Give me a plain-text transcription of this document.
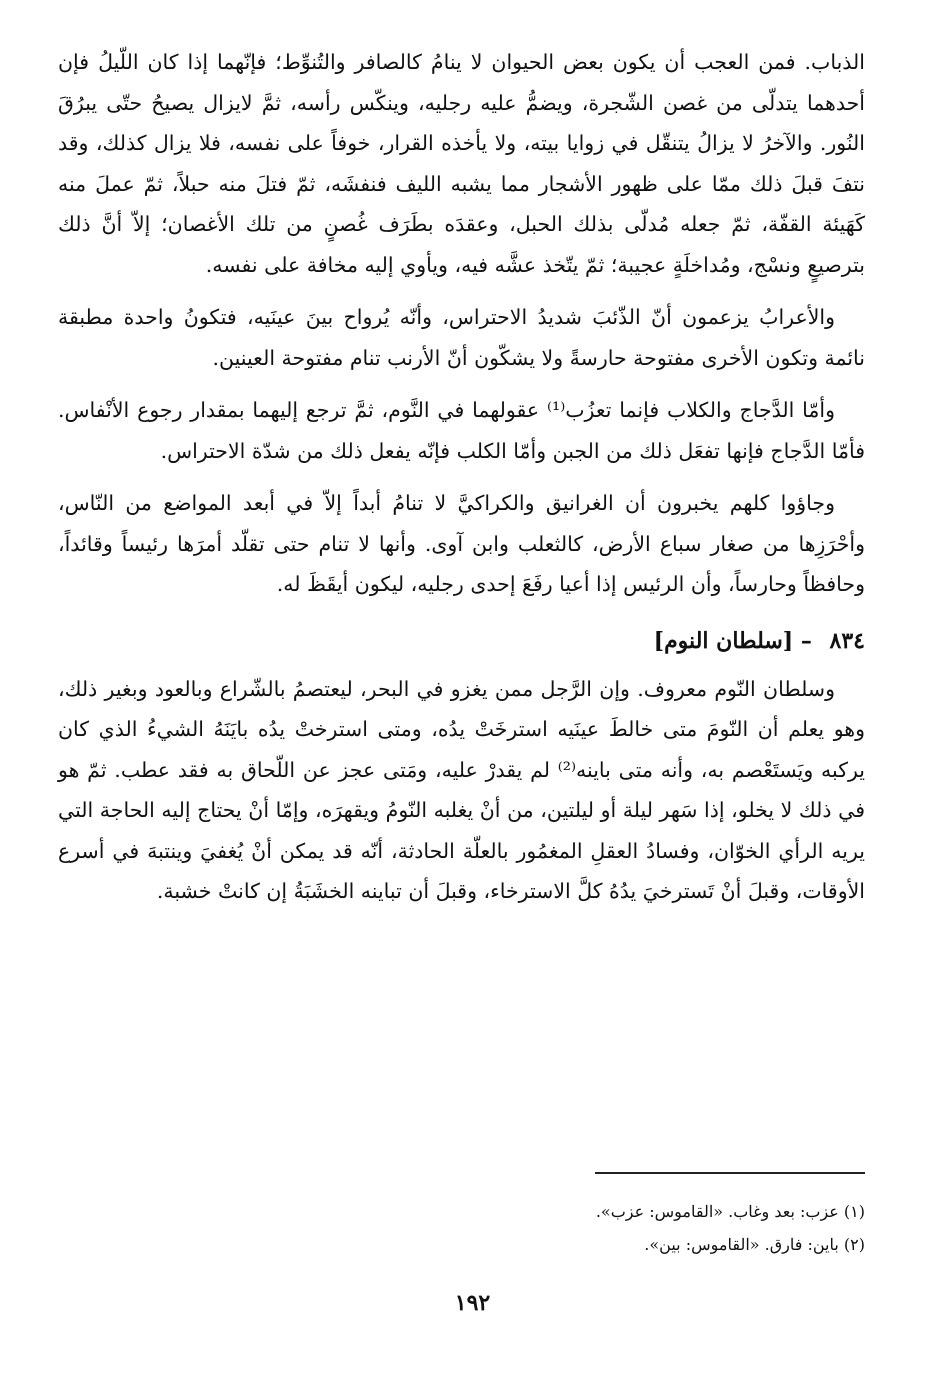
الذباب. فمن العجب أن يكون بعض الحيوان لا ينامُ كالصافر والتُنوِّط؛ فإنّهما إذا كان اللّيلُ فإن أحدهما يتدلّى من غصن الشّجرة، ويضمُّ عليه رجليه، وينكّس رأسه، ثمَّ لايزال يصيحُ حتّى يبرُقَ النُور. والآخرُ لا يزالُ يتنقّل في زوايا بيته، ولا يأخذه القرار، خوفاً على نفسه، فلا يزال كذلك، وقد نتفَ قبلَ ذلك ممّا على ظهور الأشجار مما يشبه الليف فنفشَه، ثمّ فتلَ منه حبلاً، ثمّ عملَ منه كَهَيئة القفّة، ثمّ جعله مُدلّى بذلك الحبل، وعقدَه بطَرَف غُصنٍ من تلك الأغصان؛ إلاّ أنَّ ذلك بترصيعٍ ونسْج، ومُداخلَةٍ عجيبة؛ ثمّ يتّخذ عشَّه فيه، ويأوي إليه مخافة على نفسه.

والأعرابُ يزعمون أنّ الذّئبَ شديدُ الاحتراس، وأنّه يُرواح بينَ عينَيه، فتكونُ واحدة مطبقة نائمة وتكون الأخرى مفتوحة حارسةً ولا يشكّون أنّ الأرنب تنام مفتوحة العينين.

وأمّا الدَّجاج والكلاب فإنما تعزُب⁽¹⁾ عقولهما في النَّوم، ثمَّ ترجع إليهما بمقدار رجوع الأنْفاس. فأمّا الدَّجاج فإنها تفعَل ذلك من الجبن وأمّا الكلب فإنّه يفعل ذلك من شدّة الاحتراس.

وجاؤوا كلهم يخبرون أن الغرانيق والكراكيَّ لا تنامُ أبداً إلاّ في أبعد المواضع من النّاس، وأحْرَزِها من صغار سباع الأرض، كالثعلب وابن آوى. وأنها لا تنام حتى تقلّد أمرَها رئيساً وقائداً، وحافظاً وحارساً، وأن الرئيس إذا أعيا رفَعَ إحدى رجليه، ليكون أيقَظَ له.

٨٣٤ – [سلطان النوم]

وسلطان النّوم معروف. وإن الرَّجل ممن يغزو في البحر، ليعتصمُ بالشّراع وبالعود وبغير ذلك، وهو يعلم أن النّومَ متى خالطَ عينَيه استرخَتْ يدُه، ومتى استرختْ يدُه بايَنَهُ الشيءُ الذي كان يركبه ويَستَعْصم به، وأنه متى باينه⁽²⁾ لم يقدرْ عليه، ومَتى عجز عن اللّحاق به فقد عطب. ثمّ هو في ذلك لا يخلو، إذا سَهر ليلة أو ليلتين، من أنْ يغلبه النّومُ ويقهرَه، وإمّا أنْ يحتاج إليه الحاجة التي يريه الرأي الخوّان، وفسادُ العقلِ المغمُور بالعلّة الحادثة، أنّه قد يمكن أنْ يُغفيَ وينتبهَ في أسرع الأوقات، وقبلَ أنْ تَسترخيَ يدُهُ كلَّ الاسترخاء، وقبلَ أن تباينه الخشَبَةُ إن كانتْ خشبة.

(١) عزب: بعد وغاب. «القاموس: عزب».

(٢) باين: فارق. «القاموس: بين».

١٩٢
